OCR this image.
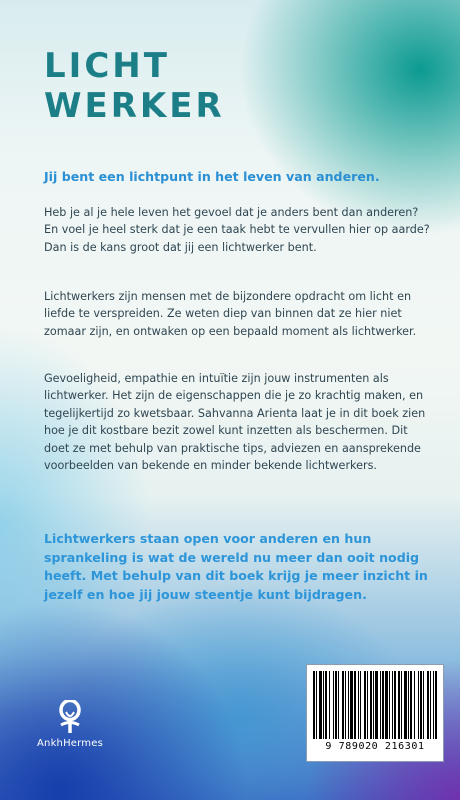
LICHT
WERKER
Jij bent een lichtpunt in het leven van anderen.
Heb je al je hele leven het gevoel dat je anders bent dan anderen? En voel je heel sterk dat je een taak hebt te vervullen hier op aarde? Dan is de kans groot dat jij een lichtwerker bent.
Lichtwerkers zijn mensen met de bijzondere opdracht om licht en liefde te verspreiden. Ze weten diep van binnen dat ze hier niet zomaar zijn, en ontwaken op een bepaald moment als lichtwerker.
Gevoeligheid, empathie en intuïtie zijn jouw instrumenten als lichtwerker. Het zijn de eigenschappen die je zo krachtig maken, en tegelijkertijd zo kwetsbaar. Sahvanna Arienta laat je in dit boek zien hoe je dit kostbare bezit zowel kunt inzetten als beschermen. Dit doet ze met behulp van praktische tips, adviezen en aansprekende voorbeelden van bekende en minder bekende lichtwerkers.
Lichtwerkers staan open voor anderen en hun sprankeling is wat de wereld nu meer dan ooit nodig heeft. Met behulp van dit boek krijg je meer inzicht in jezelf en hoe jij jouw steentje kunt bijdragen.
AnkhHermes	9 789020 216301
